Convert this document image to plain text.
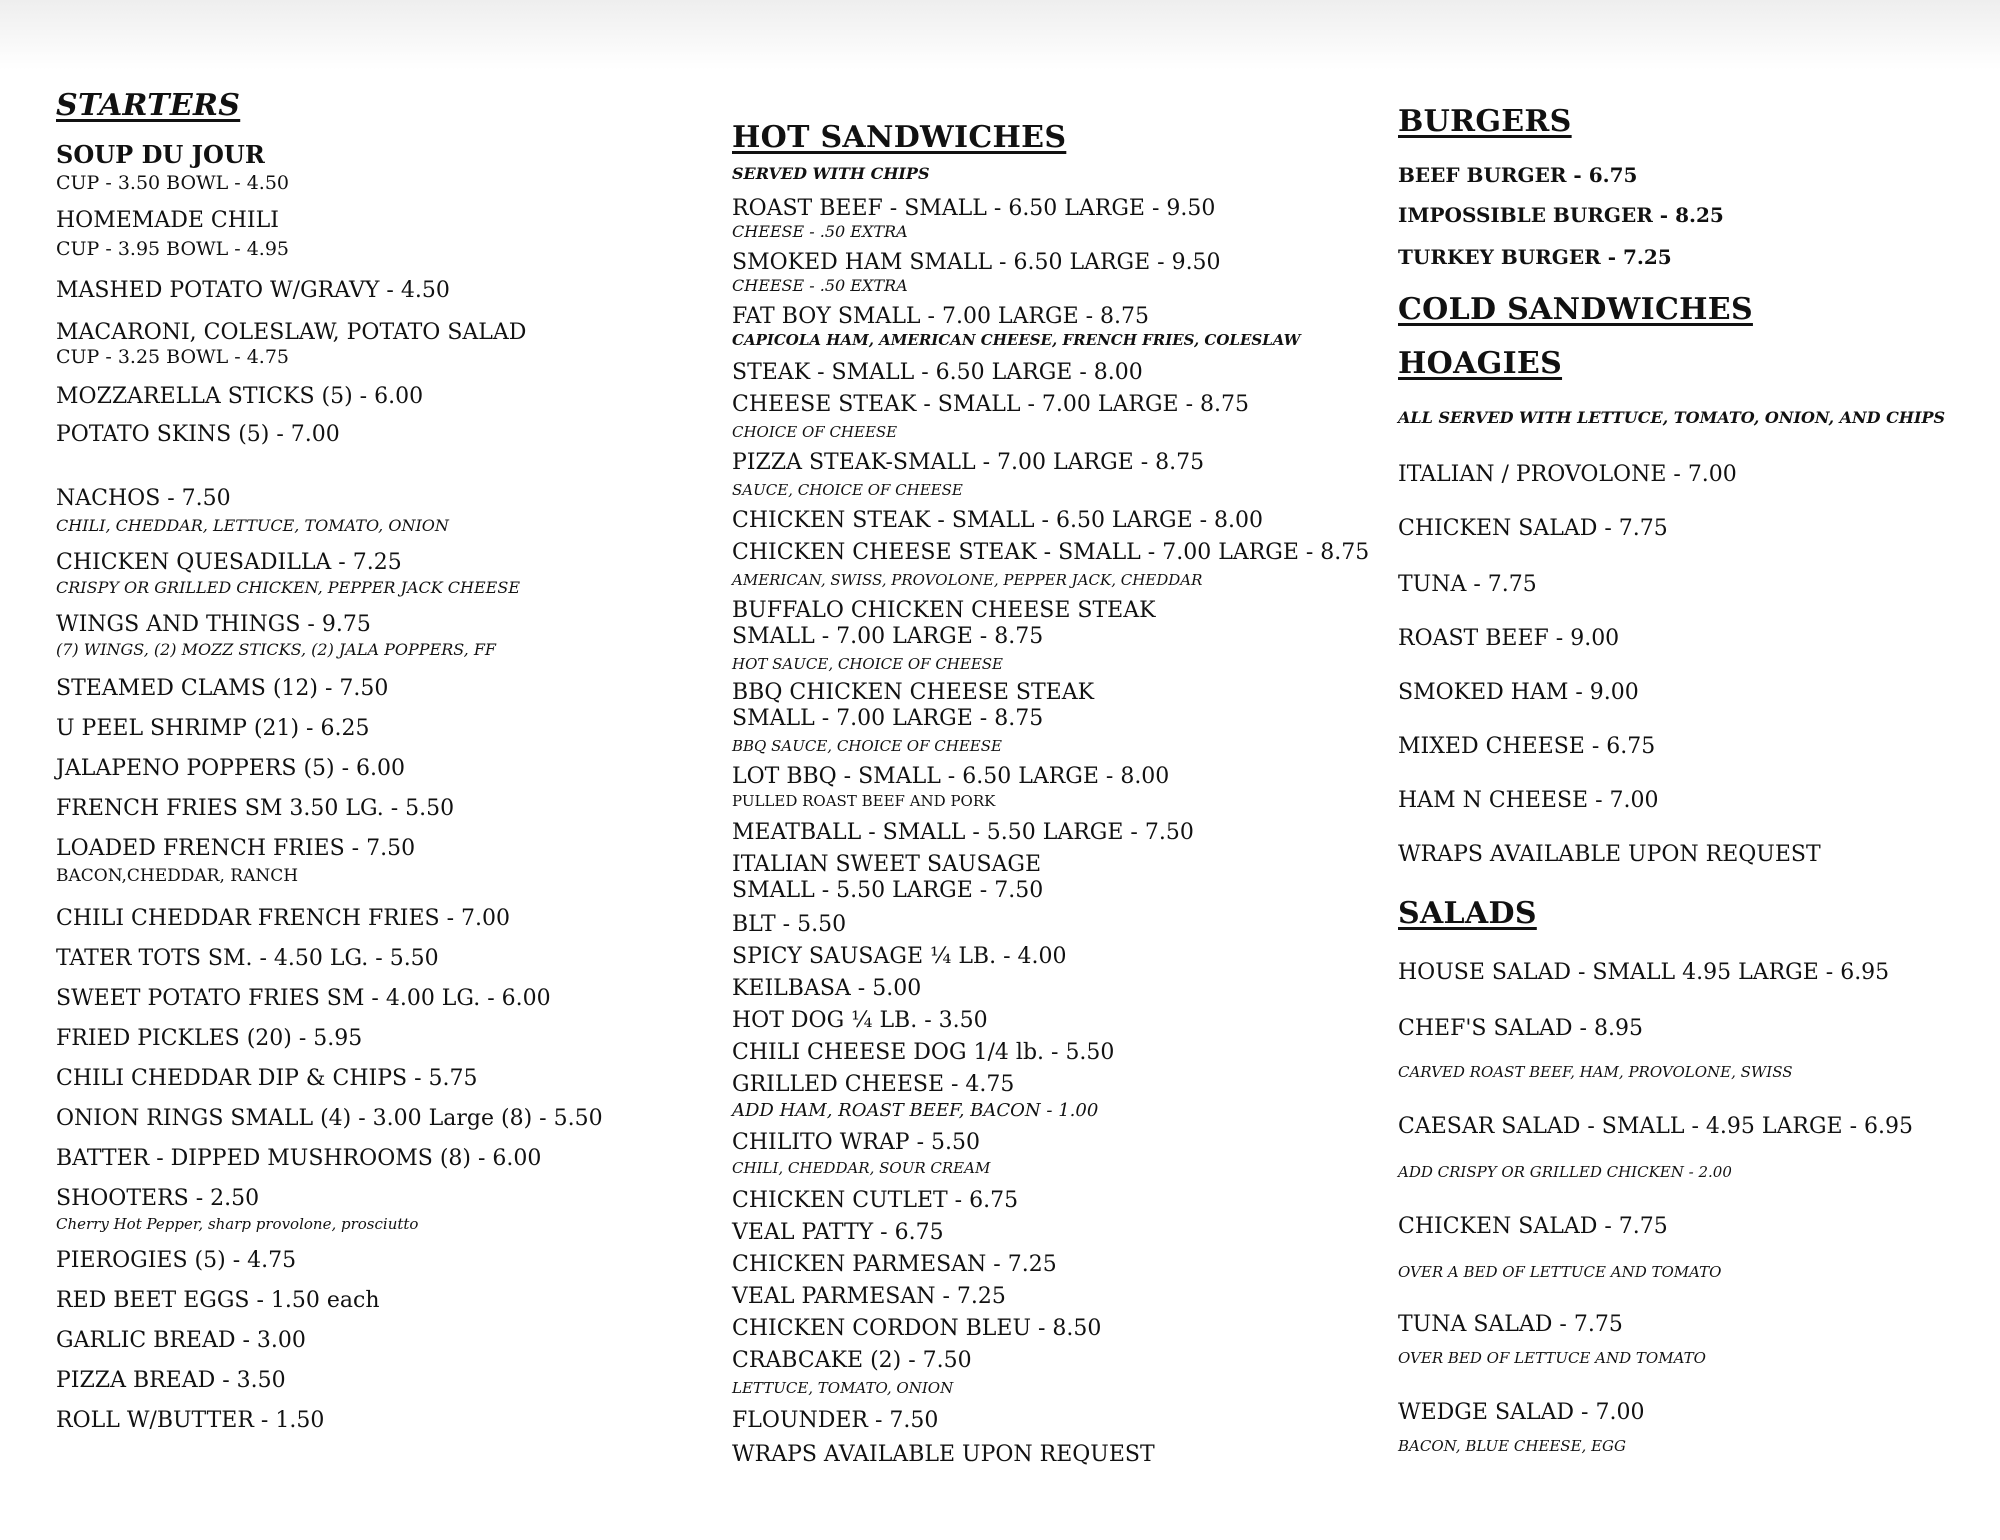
STARTERS
SOUP DU JOUR
CUP - 3.50 BOWL - 4.50
HOMEMADE CHILI
CUP - 3.95 BOWL - 4.95
MASHED POTATO W/GRAVY - 4.50
MACARONI, COLESLAW, POTATO SALAD
CUP - 3.25 BOWL - 4.75
MOZZARELLA STICKS (5) - 6.00
POTATO SKINS (5) - 7.00
NACHOS - 7.50
CHILI, CHEDDAR, LETTUCE, TOMATO, ONION
CHICKEN QUESADILLA - 7.25
CRISPY OR GRILLED CHICKEN, PEPPER JACK CHEESE
WINGS AND THINGS - 9.75
(7) WINGS, (2) MOZZ STICKS, (2) JALA POPPERS, FF
STEAMED CLAMS (12) - 7.50
U PEEL SHRIMP (21) - 6.25
JALAPENO POPPERS (5) - 6.00
FRENCH FRIES SM 3.50 LG. - 5.50
LOADED FRENCH FRIES - 7.50
BACON,CHEDDAR, RANCH
CHILI CHEDDAR FRENCH FRIES - 7.00
TATER TOTS SM. - 4.50 LG. - 5.50
SWEET POTATO FRIES SM - 4.00 LG. - 6.00
FRIED PICKLES (20) - 5.95
CHILI CHEDDAR DIP & CHIPS - 5.75
ONION RINGS SMALL (4) - 3.00 Large (8) - 5.50
BATTER - DIPPED MUSHROOMS (8) - 6.00
SHOOTERS - 2.50
Cherry Hot Pepper, sharp provolone, prosciutto
PIEROGIES (5) - 4.75
RED BEET EGGS - 1.50 each
GARLIC BREAD - 3.00
PIZZA BREAD - 3.50
ROLL W/BUTTER - 1.50
HOT SANDWICHES
SERVED WITH CHIPS
ROAST BEEF - SMALL - 6.50 LARGE - 9.50
CHEESE - .50 EXTRA
SMOKED HAM SMALL - 6.50 LARGE - 9.50
CHEESE - .50 EXTRA
FAT BOY SMALL - 7.00 LARGE - 8.75
CAPICOLA HAM, AMERICAN CHEESE, FRENCH FRIES, COLESLAW
STEAK - SMALL - 6.50 LARGE - 8.00
CHEESE STEAK - SMALL - 7.00 LARGE - 8.75
CHOICE OF CHEESE
PIZZA STEAK-SMALL - 7.00 LARGE - 8.75
SAUCE, CHOICE OF CHEESE
CHICKEN STEAK - SMALL - 6.50 LARGE - 8.00
CHICKEN CHEESE STEAK - SMALL - 7.00 LARGE - 8.75
AMERICAN, SWISS, PROVOLONE, PEPPER JACK, CHEDDAR
BUFFALO CHICKEN CHEESE STEAK
SMALL - 7.00 LARGE - 8.75
HOT SAUCE, CHOICE OF CHEESE
BBQ CHICKEN CHEESE STEAK
SMALL - 7.00 LARGE - 8.75
BBQ SAUCE, CHOICE OF CHEESE
LOT BBQ - SMALL - 6.50 LARGE - 8.00
PULLED ROAST BEEF AND PORK
MEATBALL - SMALL - 5.50 LARGE - 7.50
ITALIAN SWEET SAUSAGE
SMALL - 5.50 LARGE - 7.50
BLT - 5.50
SPICY SAUSAGE ¼ LB. - 4.00
KEILBASA - 5.00
HOT DOG ¼ LB. - 3.50
CHILI CHEESE DOG 1/4 lb. - 5.50
GRILLED CHEESE - 4.75
ADD HAM, ROAST BEEF, BACON - 1.00
CHILITO WRAP - 5.50
CHILI, CHEDDAR, SOUR CREAM
CHICKEN CUTLET - 6.75
VEAL PATTY - 6.75
CHICKEN PARMESAN - 7.25
VEAL PARMESAN - 7.25
CHICKEN CORDON BLEU - 8.50
CRABCAKE (2) - 7.50
LETTUCE, TOMATO, ONION
FLOUNDER - 7.50
WRAPS AVAILABLE UPON REQUEST
BURGERS
BEEF BURGER - 6.75
IMPOSSIBLE BURGER - 8.25
TURKEY BURGER - 7.25
COLD SANDWICHES
HOAGIES
ALL SERVED WITH LETTUCE, TOMATO, ONION, AND CHIPS
ITALIAN / PROVOLONE - 7.00
CHICKEN SALAD - 7.75
TUNA - 7.75
ROAST BEEF - 9.00
SMOKED HAM - 9.00
MIXED CHEESE - 6.75
HAM N CHEESE - 7.00
WRAPS AVAILABLE UPON REQUEST
SALADS
HOUSE SALAD - SMALL 4.95 LARGE - 6.95
CHEF'S SALAD - 8.95
CARVED ROAST BEEF, HAM, PROVOLONE, SWISS
CAESAR SALAD - SMALL - 4.95 LARGE - 6.95
ADD CRISPY OR GRILLED CHICKEN - 2.00
CHICKEN SALAD - 7.75
OVER A BED OF LETTUCE AND TOMATO
TUNA SALAD - 7.75
OVER BED OF LETTUCE AND TOMATO
WEDGE SALAD - 7.00
BACON, BLUE CHEESE, EGG
